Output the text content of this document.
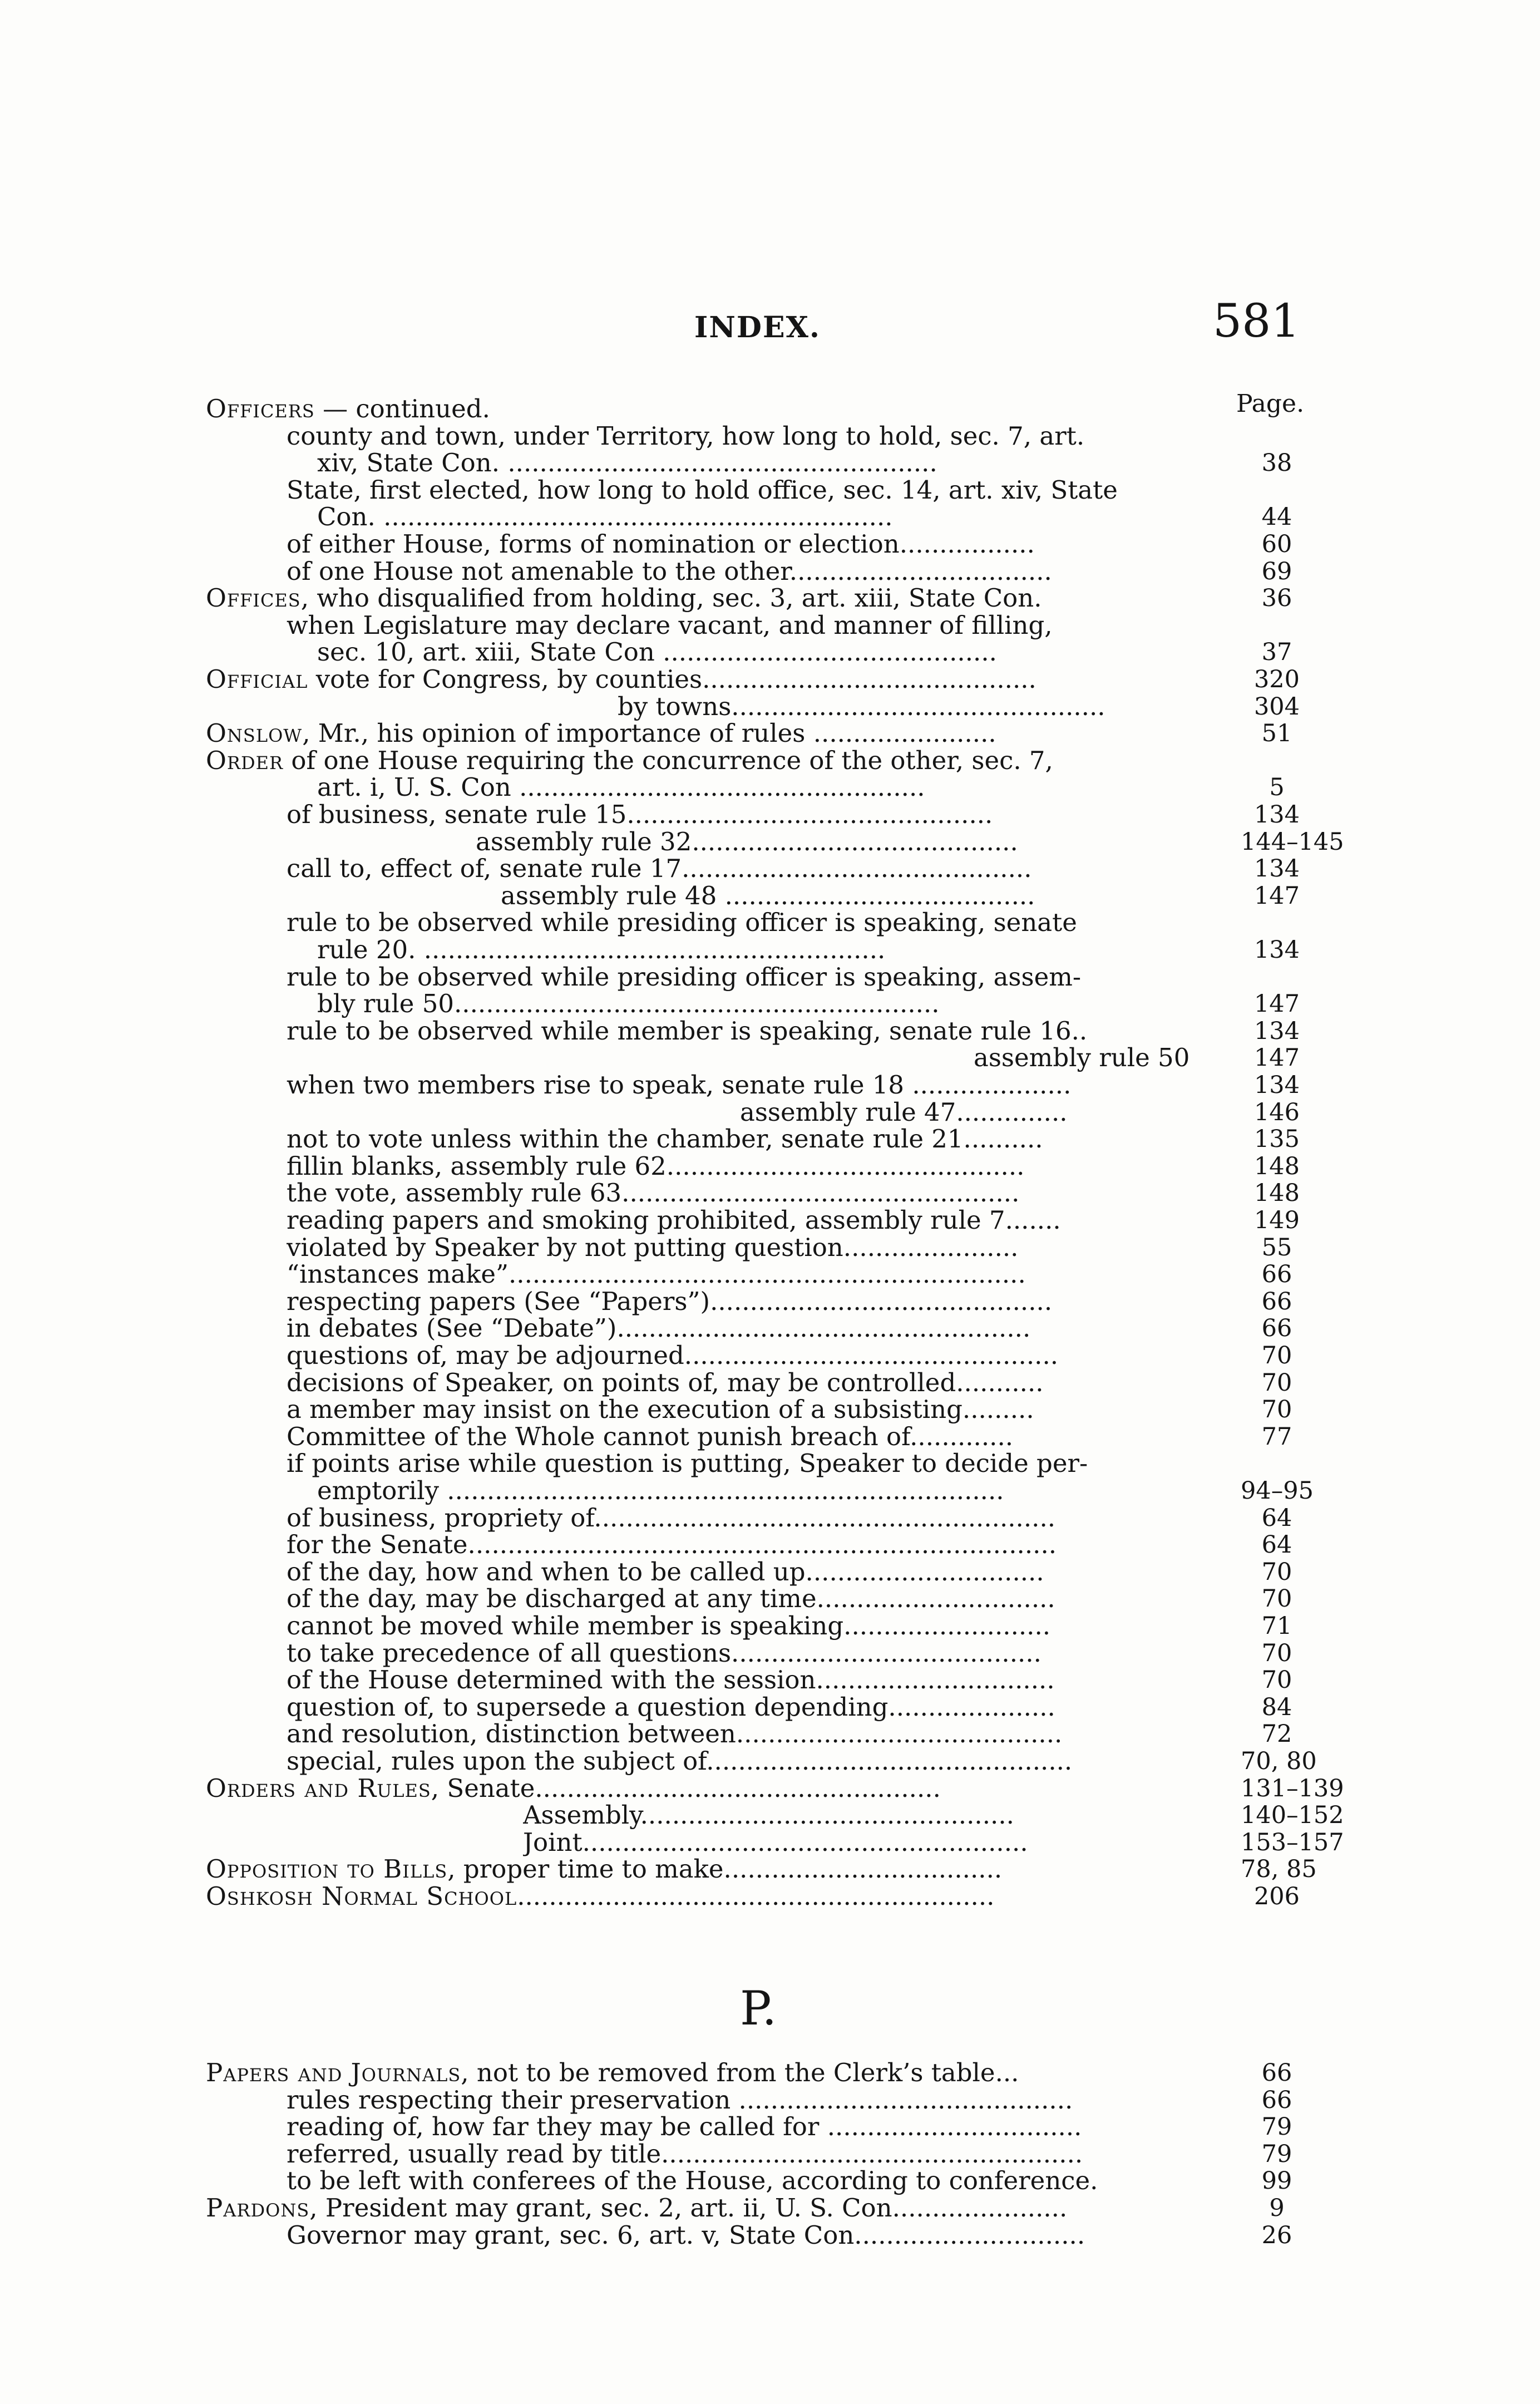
INDEX.	581
Page.
Officers — continued.
county and town, under Territory, how long to hold, sec. 7, art.
xiv, State Con. ......................................................	38
State, first elected, how long to hold office, sec. 14, art. xiv, State
Con. ................................................................	44
of either House, forms of nomination or election.................	60
of one House not amenable to the other.................................	69
Offices, who disqualified from holding, sec. 3, art. xiii, State Con.	36
when Legislature may declare vacant, and manner of filling,
sec. 10, art. xiii, State Con ..........................................	37
Official vote for Congress, by counties..........................................	320
by towns...............................................	304
Onslow, Mr., his opinion of importance of rules .......................	51
Order of one House requiring the concurrence of the other, sec. 7,
art. i, U. S. Con ...................................................	5
of business, senate rule 15..............................................	134
assembly rule 32.........................................	144–145
call to, effect of, senate rule 17............................................	134
assembly rule 48 .......................................	147
rule to be observed while presiding officer is speaking, senate
rule 20. ..........................................................	134
rule to be observed while presiding officer is speaking, assem-
bly rule 50.............................................................	147
rule to be observed while member is speaking, senate rule 16..	134
assembly rule 50	147
when two members rise to speak, senate rule 18 ....................	134
assembly rule 47..............	146
not to vote unless within the chamber, senate rule 21..........	135
fillin blanks, assembly rule 62.............................................	148
the vote, assembly rule 63..................................................	148
reading papers and smoking prohibited, assembly rule 7.......	149
violated by Speaker by not putting question......................	55
“instances make”.................................................................	66
respecting papers (See “Papers”)...........................................	66
in debates (See “Debate”)....................................................	66
questions of, may be adjourned...............................................	70
decisions of Speaker, on points of, may be controlled...........	70
a member may insist on the execution of a subsisting.........	70
Committee of the Whole cannot punish breach of.............	77
if points arise while question is putting, Speaker to decide per-
emptorily ......................................................................	94–95
of business, propriety of..........................................................	64
for the Senate..........................................................................	64
of the day, how and when to be called up..............................	70
of the day, may be discharged at any time..............................	70
cannot be moved while member is speaking..........................	71
to take precedence of all questions.......................................	70
of the House determined with the session..............................	70
question of, to supersede a question depending.....................	84
and resolution, distinction between.........................................	72
special, rules upon the subject of..............................................	70, 80
Orders and Rules, Senate...................................................	131–139
Assembly...............................................	140–152
Joint........................................................	153–157
Opposition to Bills, proper time to make...................................	78, 85
Oshkosh Normal School............................................................	206
P.
Papers and Journals, not to be removed from the Clerk’s table...	66
rules respecting their preservation ..........................................	66
reading of, how far they may be called for ................................	79
referred, usually read by title.....................................................	79
to be left with conferees of the House, according to conference.	99
Pardons, President may grant, sec. 2, art. ii, U. S. Con......................	9
Governor may grant, sec. 6, art. v, State Con.............................	26
